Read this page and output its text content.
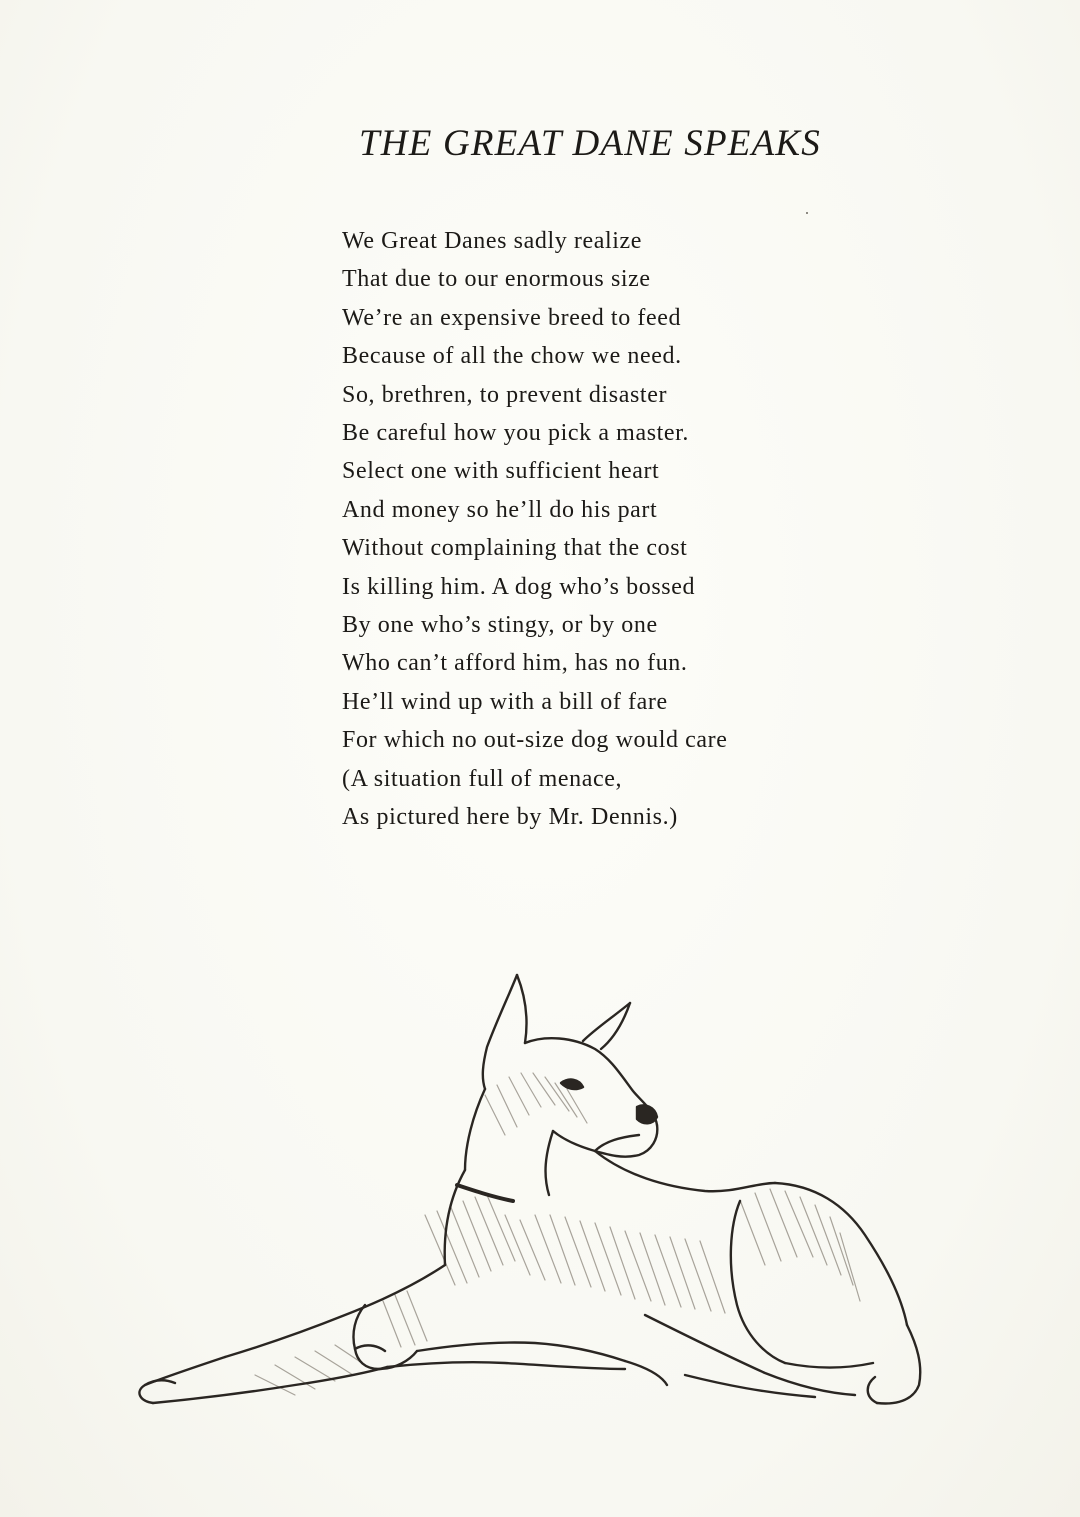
THE GREAT DANE SPEAKS
We Great Danes sadly realize
That due to our enormous size
We’re an expensive breed to feed
Because of all the chow we need.
So, brethren, to prevent disaster
Be careful how you pick a master.
Select one with sufficient heart
And money so he’ll do his part
Without complaining that the cost
Is killing him. A dog who’s bossed
By one who’s stingy, or by one
Who can’t afford him, has no fun.
He’ll wind up with a bill of fare
For which no out-size dog would care
(A situation full of menace,
As pictured here by Mr. Dennis.)
